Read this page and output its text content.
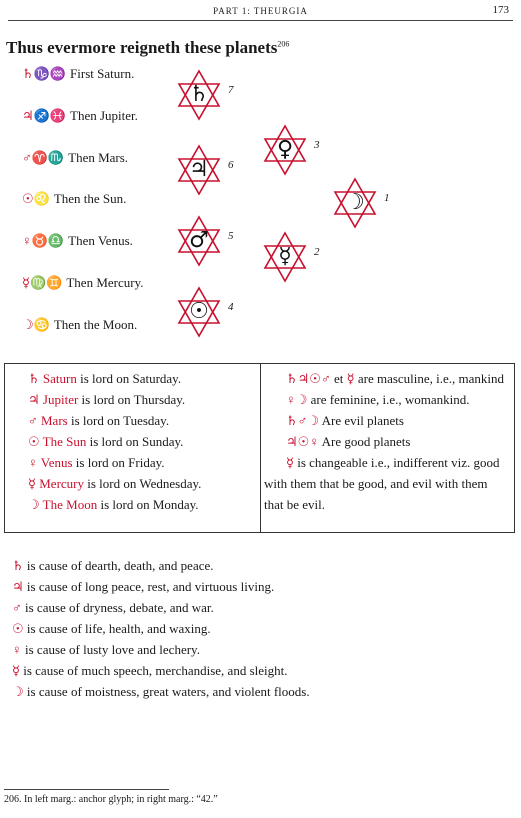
PART 1: THEURGIA	173
Thus evermore reigneth these planets$^{206}$
♄♑♒ First Saturn.
♃♐♓ Then Jupiter.
♂♈♏ Then Mars.
☉♌ Then the Sun.
♀♉♎ Then Venus.
☿♍♊ Then Mercury.
☽♋ Then the Moon.
♄	7
♃	6
♂	5
☉	4
♀	3
☿	2
☽	1
♄ Saturn is lord on Saturday.
♃ Jupiter is lord on Thursday.
♂ Mars is lord on Tuesday.
☉ The Sun is lord on Sunday.
♀ Venus is lord on Friday.
☿ Mercury is lord on Wednesday.
☽ The Moon is lord on Monday.
♄♃☉♂ et ☿ are masculine, i.e., mankind
♀☽ are feminine, i.e., womankind.
♄♂☽ Are evil planets
♃☉♀ Are good planets
☿ is changeable i.e., indifferent viz. good with them that be good, and evil with them that be evil.
♄ is cause of dearth, death, and peace.
♃ is cause of long peace, rest, and virtuous living.
♂ is cause of dryness, debate, and war.
☉ is cause of life, health, and waxing.
♀ is cause of lusty love and lechery.
☿ is cause of much speech, merchandise, and sleight.
☽ is cause of moistness, great waters, and violent floods.
206. In left marg.: anchor glyph; in right marg.: “42.”
